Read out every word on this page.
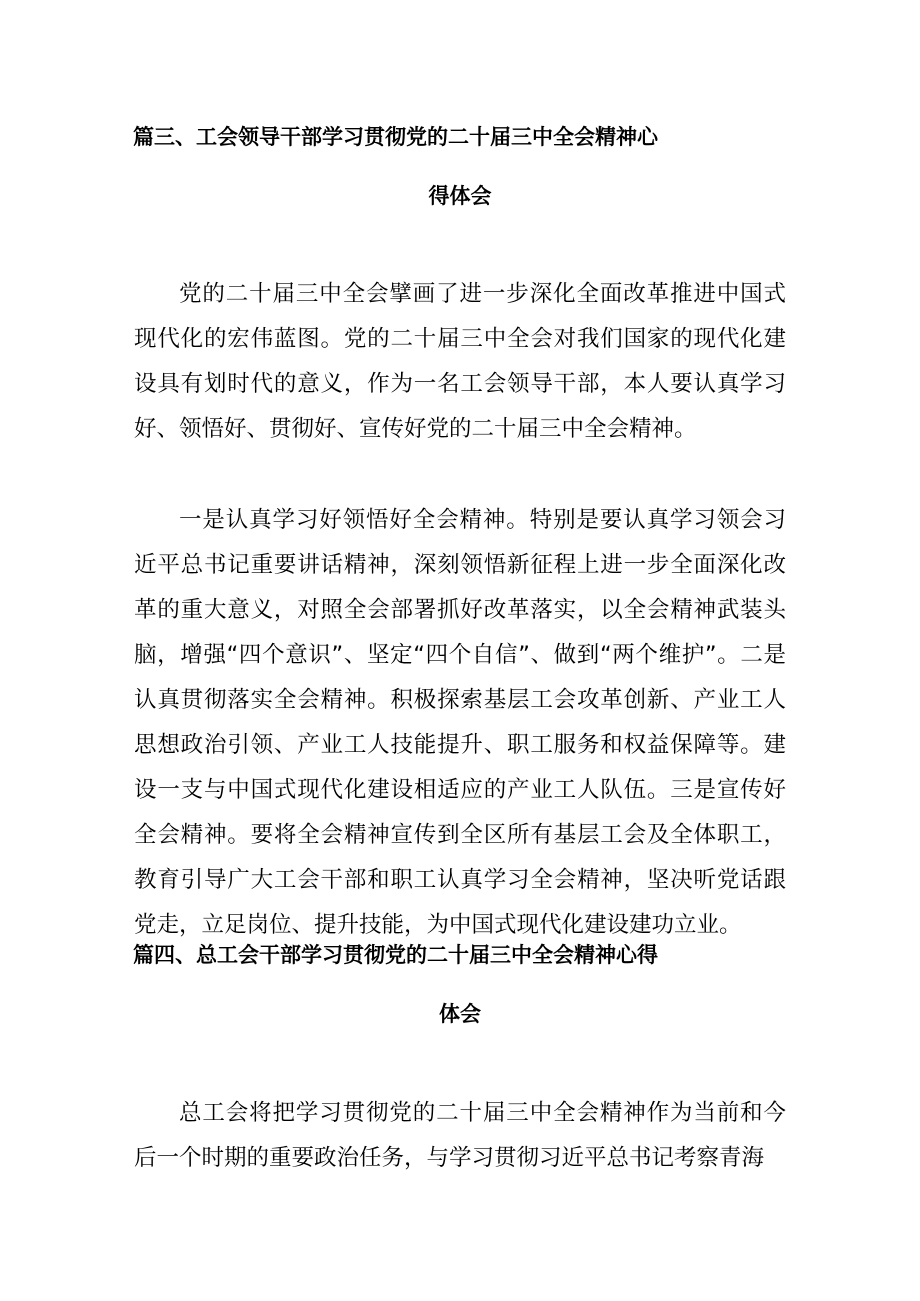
篇三、工会领导干部学习贯彻党的二十届三中全会精神心
得体会

党的二十届三中全会擘画了进一步深化全面改革推进中国式现代化的宏伟蓝图。党的二十届三中全会对我们国家的现代化建设具有划时代的意义，作为一名工会领导干部，本人要认真学习好、领悟好、贯彻好、宣传好党的二十届三中全会精神。

一是认真学习好领悟好全会精神。特别是要认真学习领会习近平总书记重要讲话精神，深刻领悟新征程上进一步全面深化改革的重大意义，对照全会部署抓好改革落实，以全会精神武装头脑，增强“四个意识”、坚定“四个自信”、做到“两个维护”。二是认真贯彻落实全会精神。积极探索基层工会攻革创新、产业工人思想政治引领、产业工人技能提升、职工服务和权益保障等。建设一支与中国式现代化建设相适应的产业工人队伍。三是宣传好全会精神。要将全会精神宣传到全区所有基层工会及全体职工，教育引导广大工会干部和职工认真学习全会精神，坚决听党话跟党走，立足岗位、提升技能，为中国式现代化建设建功立业。

篇四、总工会干部学习贯彻党的二十届三中全会精神心得
体会

总工会将把学习贯彻党的二十届三中全会精神作为当前和今后一个时期的重要政治任务，与学习贯彻习近平总书记考察青海
